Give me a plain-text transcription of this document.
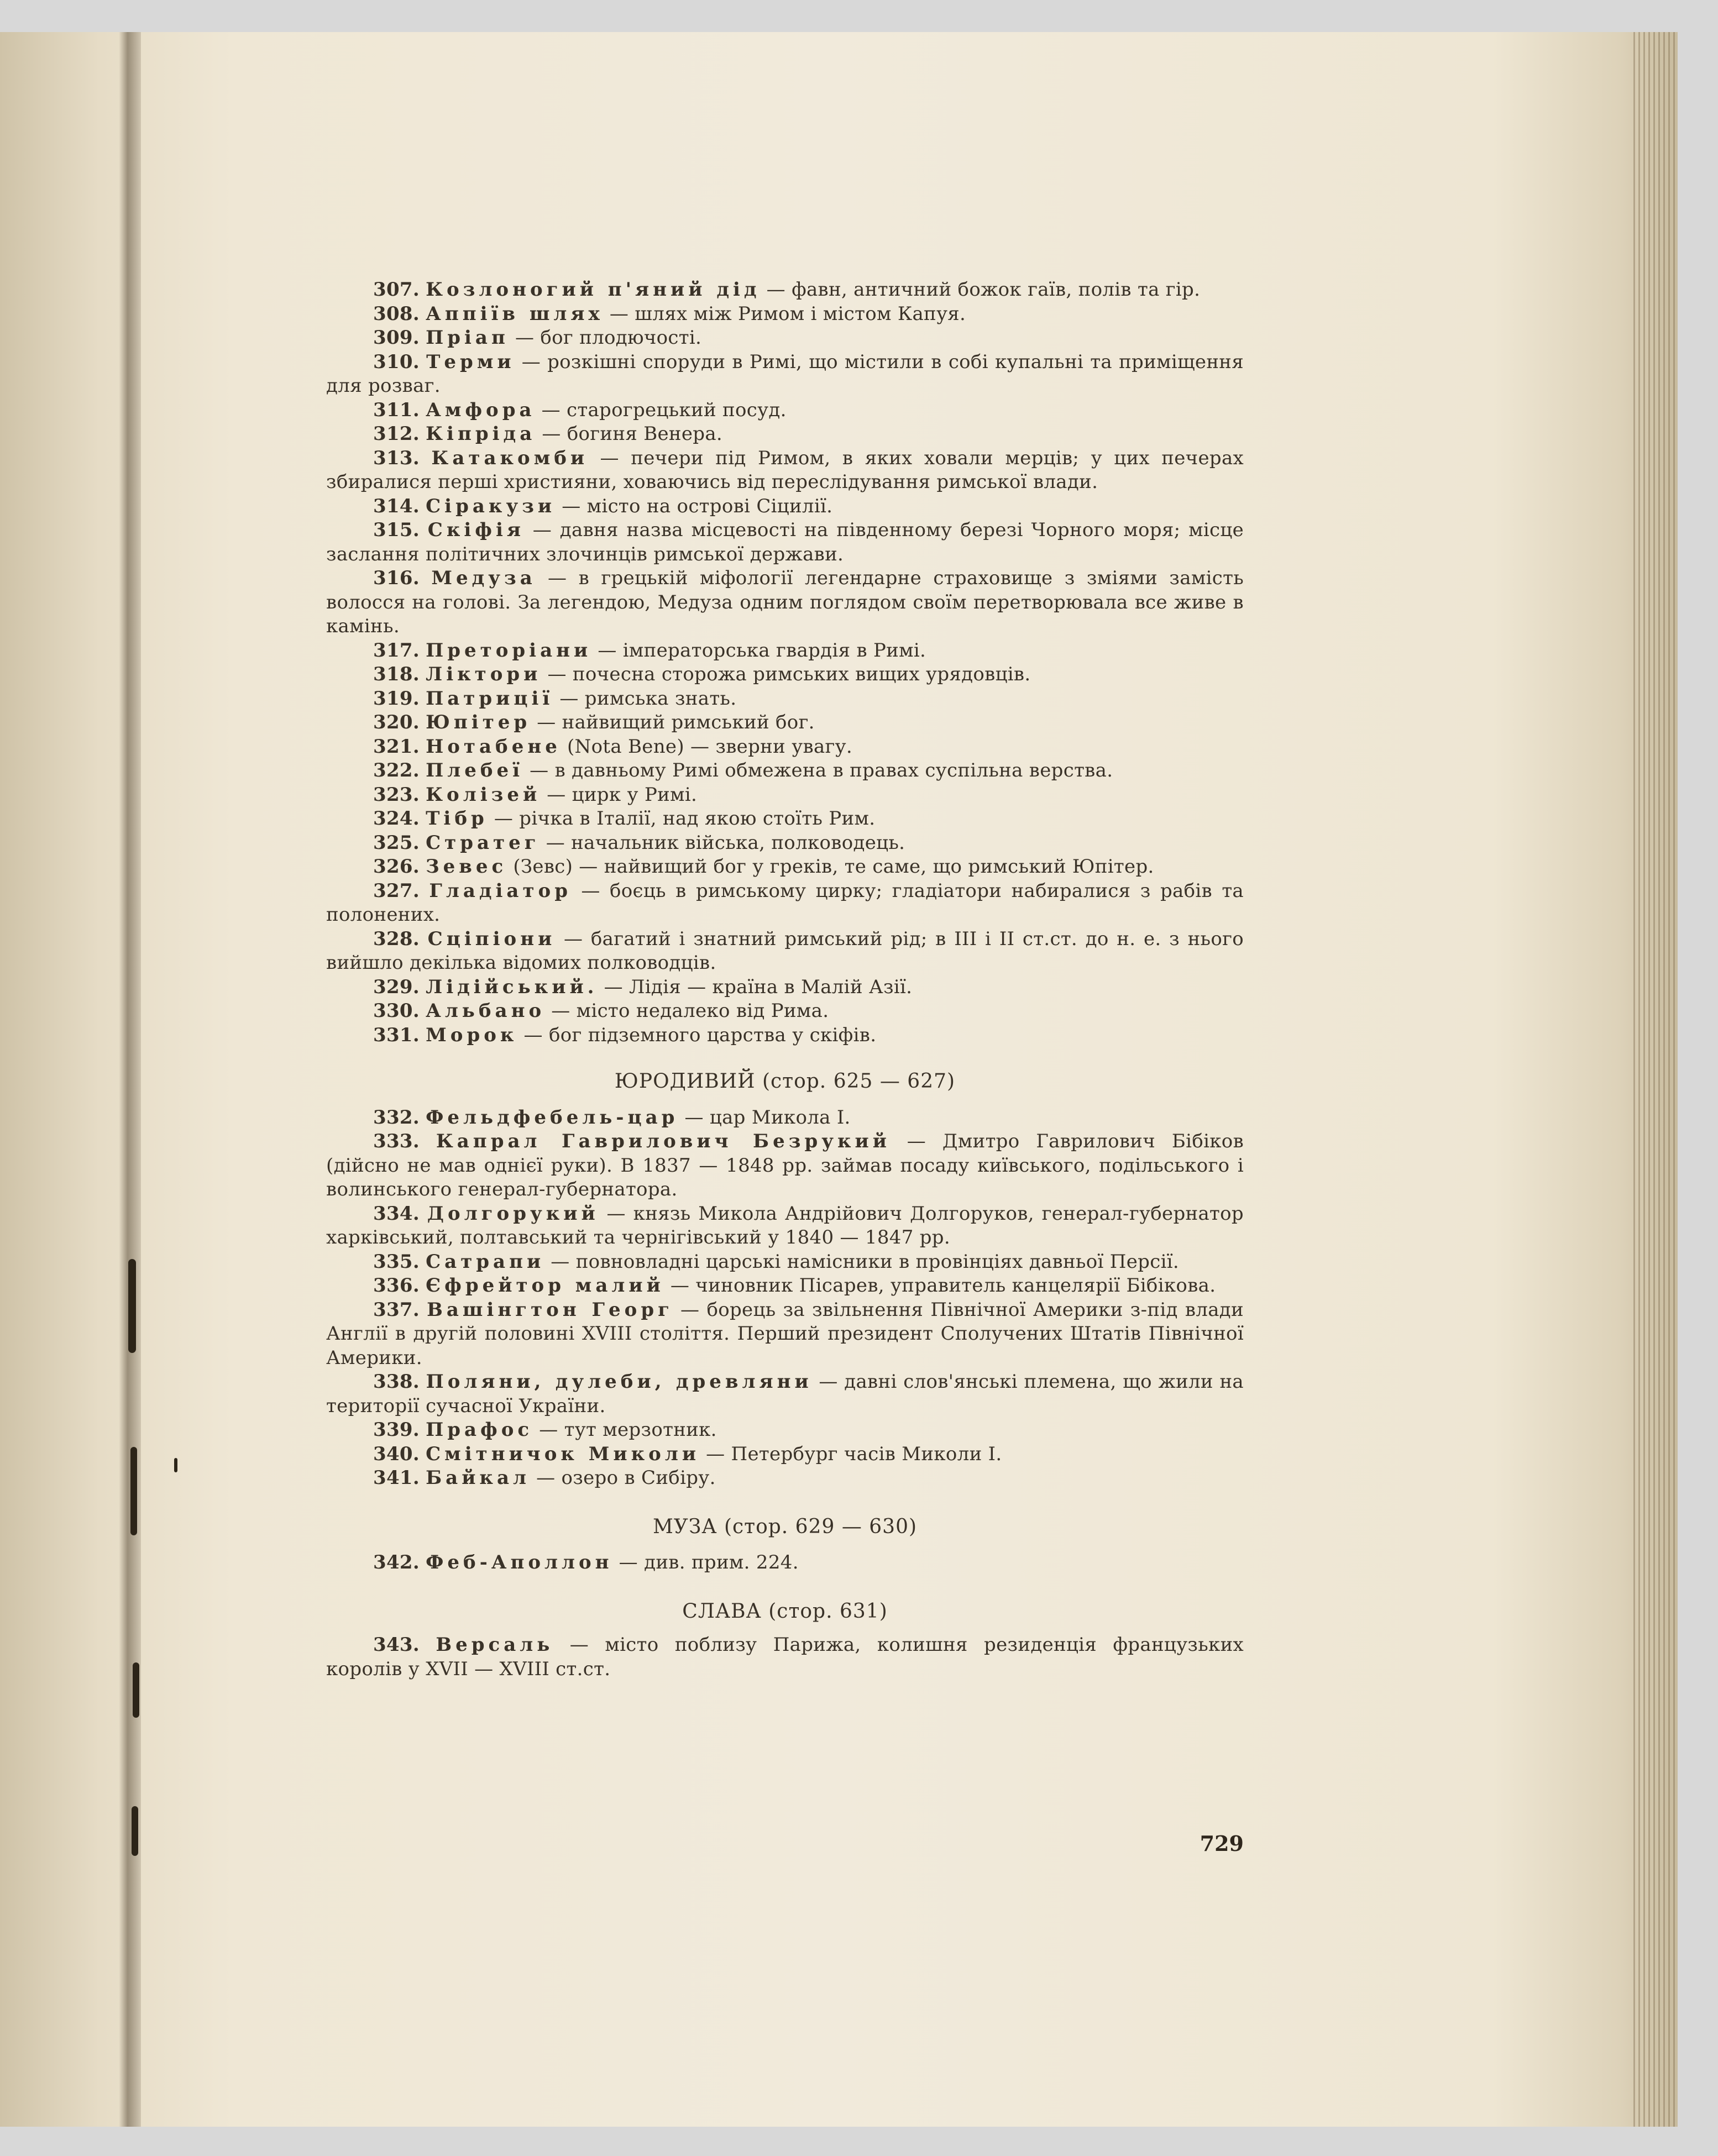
307. Козлоногий п'яний дід — фавн, античний божок гаїв, полів та гір.

308. Аппіїв шлях — шлях між Римом і містом Капуя.

309. Пріап — бог плодючості.

310. Терми — розкішні споруди в Римі, що містили в собі купальні та приміщення для розваг.

311. Амфора — старогрецький посуд.

312. Кіпріда — богиня Венера.

313. Катакомби — печери під Римом, в яких ховали мерців; у цих печерах збиралися перші християни, ховаючись від переслідування римської влади.

314. Сіракузи — місто на острові Сіцилії.

315. Скіфія — давня назва місцевості на південному березі Чорного моря; місце заслання політичних злочинців римської держави.

316. Медуза — в грецькій міфології легендарне страховище з зміями замість волосся на голові. За легендою, Медуза одним поглядом своїм перетворювала все живе в камінь.

317. Преторіани — імператорська гвардія в Римі.

318. Ліктори — почесна сторожа римських вищих урядовців.

319. Патриції — римська знать.

320. Юпітер — найвищий римський бог.

321. Нотабене (Nota Bene) — зверни увагу.

322. Плебеї — в давньому Римі обмежена в правах суспільна верства.

323. Колізей — цирк у Римі.

324. Тібр — річка в Італії, над якою стоїть Рим.

325. Стратег — начальник війська, полководець.

326. Зевес (Зевс) — найвищий бог у греків, те саме, що римський Юпітер.

327. Гладіатор — боєць в римському цирку; гладіатори набиралися з рабів та полонених.

328. Сціпіони — багатий і знатний римський рід; в III і II ст.ст. до н. е. з нього вийшло декілька відомих полководців.

329. Лідійський. — Лідія — країна в Малій Азії.

330. Альбано — місто недалеко від Рима.

331. Морок — бог підземного царства у скіфів.

ЮРОДИВИЙ (стор. 625 — 627)

332. Фельдфебель-цар — цар Микола I.

333. Капрал Гаврилович Безрукий — Дмитро Гаврилович Бібіков (дійсно не мав однієї руки). В 1837 — 1848 рр. займав посаду київського, подільського і волинського генерал-губернатора.

334. Долгорукий — князь Микола Андрійович Долгоруков, генерал-губернатор харківський, полтавський та чернігівський у 1840 — 1847 рр.

335. Сатрапи — повновладні царські намісники в провінціях давньої Персії.

336. Єфрейтор малий — чиновник Пісарев, управитель канцелярії Бібікова.

337. Вашінгтон Георг — борець за звільнення Північної Америки з-під влади Англії в другій половині XVIII століття. Перший президент Сполучених Штатів Північної Америки.

338. Поляни, дулеби, древляни — давні слов'янські племена, що жили на території сучасної України.

339. Прафос — тут мерзотник.

340. Смітничок Миколи — Петербург часів Миколи I.

341. Байкал — озеро в Сибіру.

МУЗА (стор. 629 — 630)

342. Феб-Аполлон — див. прим. 224.

СЛАВА (стор. 631)

343. Версаль — місто поблизу Парижа, колишня резиденція французьких королів у XVII — XVIII ст.ст.

729
